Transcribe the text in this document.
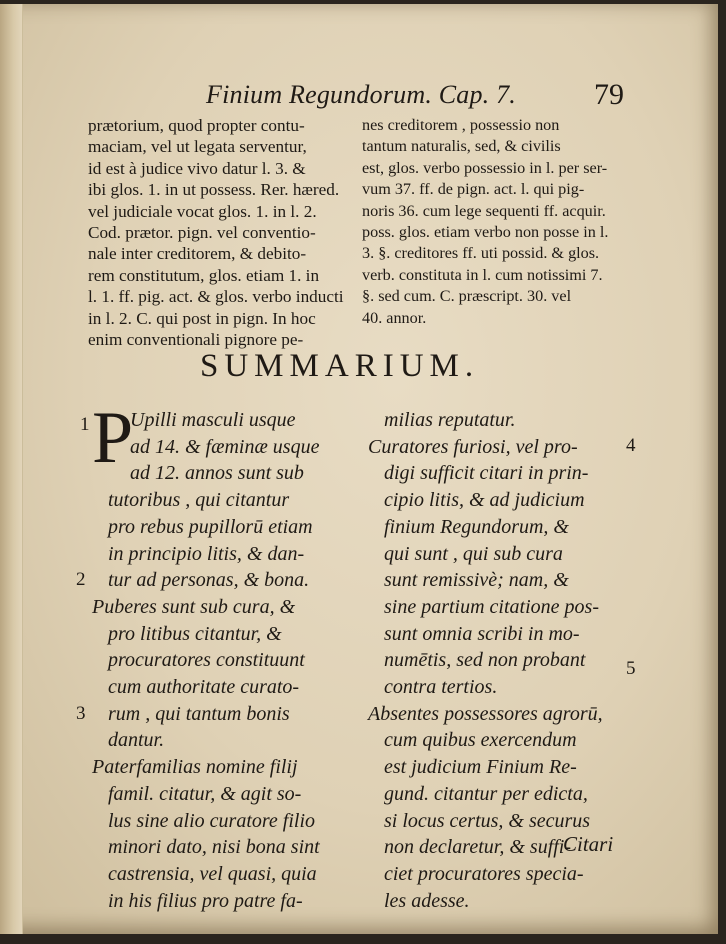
Finium Regundorum. Cap. 7.	79
prætorium, quod propter contu-
maciam, vel ut legata serventur,
id est à judice vivo datur l. 3. &
ibi glos. 1. in ut possess. Rer. hæred.
vel judiciale vocat glos. 1. in l. 2.
Cod. prætor. pign. vel conventio-
nale inter creditorem, & debito-
rem constitutum, glos. etiam 1. in
l. 1. ff. pig. act. & glos. verbo inducti
in l. 2. C. qui post in pign. In hoc
enim conventionali pignore pe-
nes creditorem , possessio non
tantum naturalis, sed, & civilis
est, glos. verbo possessio in l. per ser-
vum 37. ff. de pign. act. l. qui pig-
noris 36. cum lege sequenti ff. acquir.
poss. glos. etiam verbo non posse in l.
3. §. creditores ff. uti possid. & glos.
verb. constituta in l. cum notissimi 7.
§. sed cum. C. præscript. 30. vel
40. annor.
SUMMARIUM.
P
1
2
3
4
5
Upilli masculi usque
ad 14. & fæminæ usque
ad 12. annos sunt sub
tutoribus , qui citantur
pro rebus pupillorū etiam
in principio litis, & dan-
tur ad personas, & bona.
Puberes sunt sub cura, &
pro litibus citantur, &
procuratores constituunt
cum authoritate curato-
rum , qui tantum bonis
dantur.
Paterfamilias nomine filij
famil. citatur, & agit so-
lus sine alio curatore filio
minori dato, nisi bona sint
castrensia, vel quasi, quia
in his filius pro patre fa-
milias reputatur.
Curatores furiosi, vel pro-
digi sufficit citari in prin-
cipio litis, & ad judicium
finium Regundorum, &
qui sunt , qui sub cura
sunt remissivè; nam, &
sine partium citatione pos-
sunt omnia scribi in mo-
numētis, sed non probant
contra tertios.
Absentes possessores agrorū,
cum quibus exercendum
est judicium Finium Re-
gund. citantur per edicta,
si locus certus, & securus
non declaretur, & suffi-
ciet procuratores specia-
les adesse.
Citari
